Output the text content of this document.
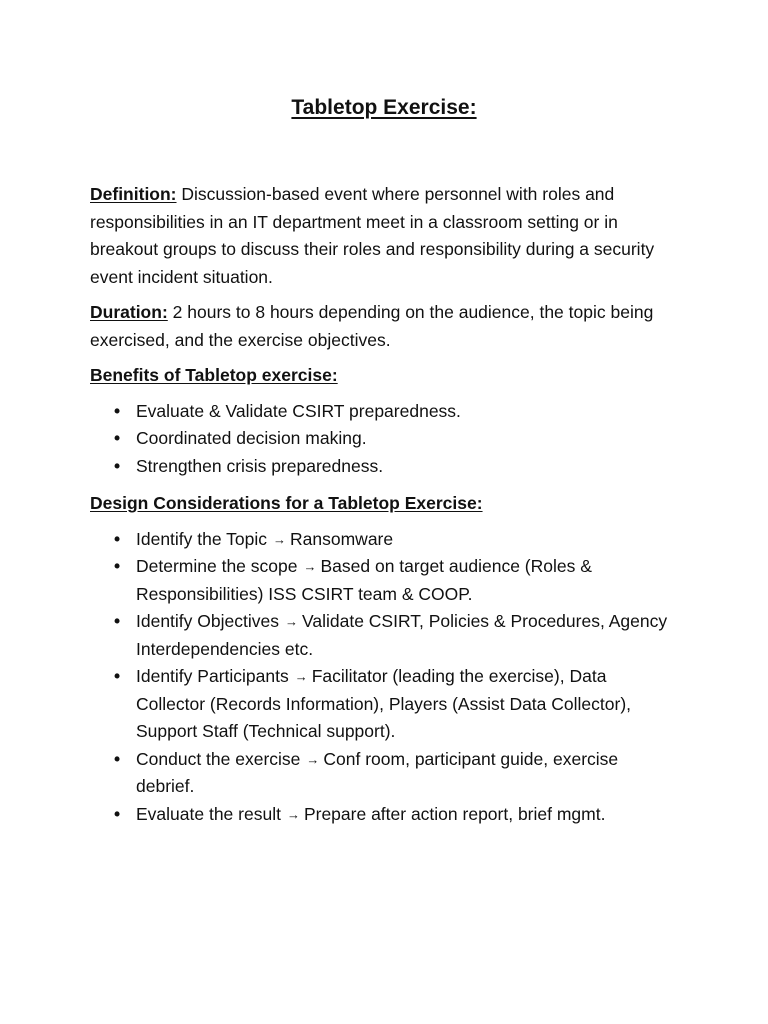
Tabletop Exercise:

Definition: Discussion-based event where personnel with roles and responsibilities in an IT department meet in a classroom setting or in breakout groups to discuss their roles and responsibility during a security event incident situation.

Duration: 2 hours to 8 hours depending on the audience, the topic being exercised, and the exercise objectives.

Benefits of Tabletop exercise:
• Evaluate & Validate CSIRT preparedness.
• Coordinated decision making.
• Strengthen crisis preparedness.
Design Considerations for a Tabletop Exercise:
• Identify the Topic → Ransomware
• Determine the scope → Based on target audience (Roles & Responsibilities) ISS CSIRT team & COOP.
• Identify Objectives → Validate CSIRT, Policies & Procedures, Agency Interdependencies etc.
• Identify Participants → Facilitator (leading the exercise), Data Collector (Records Information), Players (Assist Data Collector), Support Staff (Technical support).
• Conduct the exercise → Conf room, participant guide, exercise debrief.
• Evaluate the result → Prepare after action report, brief mgmt.
